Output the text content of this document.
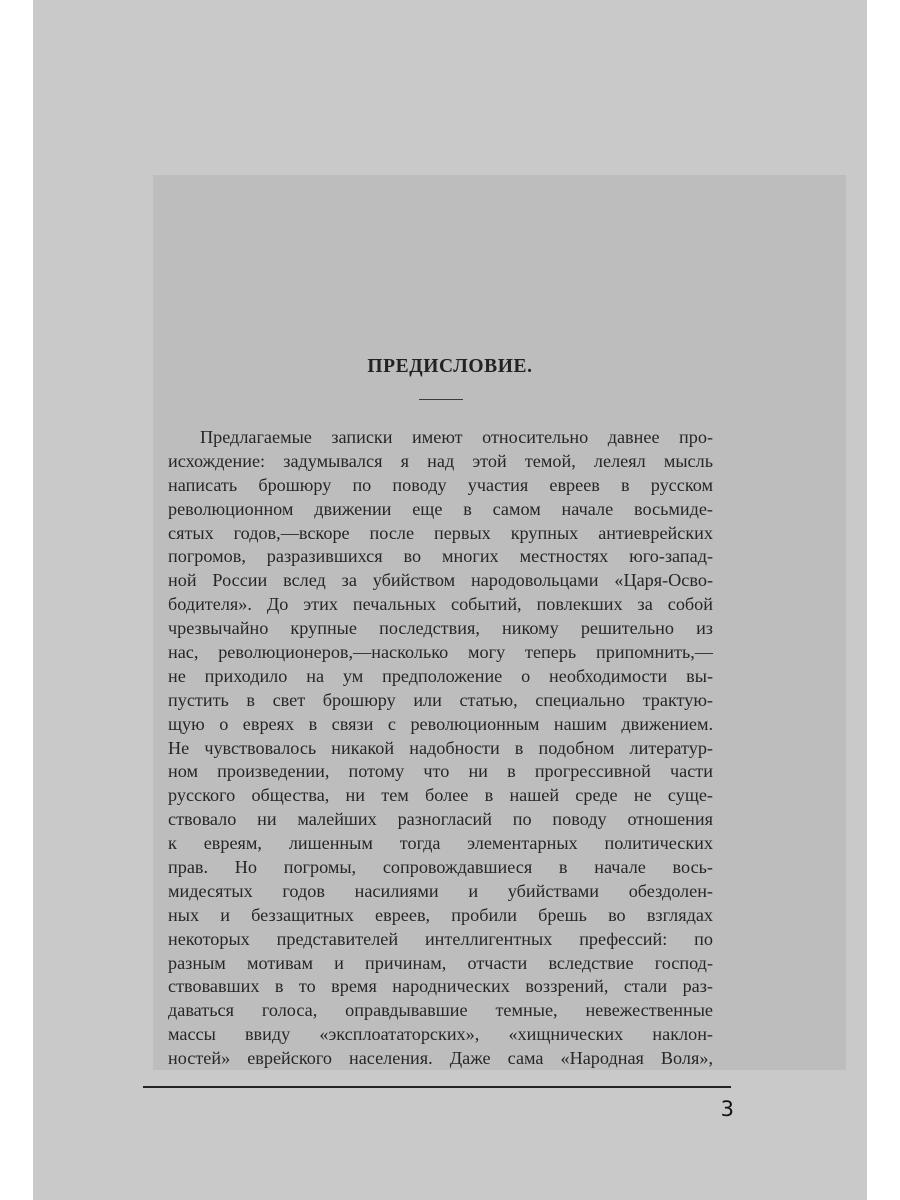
ПРЕДИСЛОВИЕ.
Предлагаемые записки имеют относительно давнее про-
исхождение: задумывался я над этой темой, лелеял мысль
написать брошюру по поводу участия евреев в русском
революционном движении еще в самом начале восьмиде-
сятых годов,—вскоре после первых крупных антиеврейских
погромов, разразившихся во многих местностях юго-запад-
ной России вслед за убийством народовольцами «Царя-Осво-
бодителя». До этих печальных событий, повлекших за собой
чрезвычайно крупные последствия, никому решительно из
нас, революционеров,—насколько могу теперь припомнить,—
не приходило на ум предположение о необходимости вы-
пустить в свет брошюру или статью, специально трактую-
щую о евреях в связи с революционным нашим движением.
Не чувствовалось никакой надобности в подобном литератур-
ном произведении, потому что ни в прогрессивной части
русского общества, ни тем более в нашей среде не суще-
ствовало ни малейших разногласий по поводу отношения
к евреям, лишенным тогда элементарных политических
прав. Но погромы, сопровождавшиеся в начале вось-
мидесятых годов насилиями и убийствами обездолен-
ных и беззащитных евреев, пробили брешь во взглядах
некоторых представителей интеллигентных префессий: по
разным мотивам и причинам, отчасти вследствие господ-
ствовавших в то время народнических воззрений, стали раз-
даваться голоса, оправдывавшие темные, невежественные
массы ввиду «эксплоататорских», «хищнических наклон-
ностей» еврейского населения. Даже сама «Народная Воля»,

3
